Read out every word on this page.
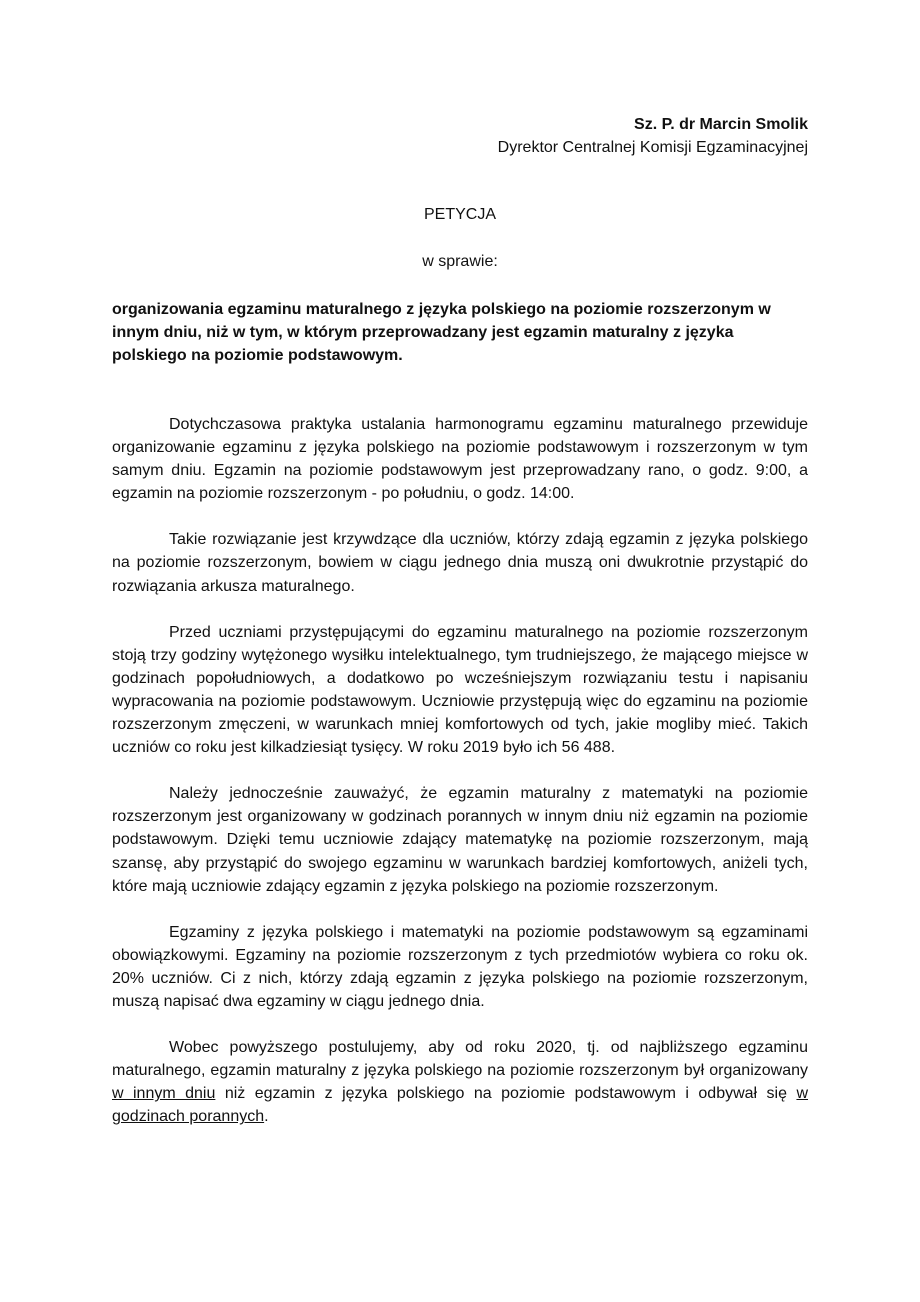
Sz. P. dr Marcin Smolik
Dyrektor Centralnej Komisji Egzaminacyjnej
PETYCJA
w sprawie:
organizowania egzaminu maturalnego z języka polskiego na poziomie rozszerzonym w innym dniu, niż w tym, w którym przeprowadzany jest egzamin maturalny z języka polskiego na poziomie podstawowym.

Dotychczasowa praktyka ustalania harmonogramu egzaminu maturalnego przewiduje organizowanie egzaminu z języka polskiego na poziomie podstawowym i rozszerzonym w tym samym dniu. Egzamin na poziomie podstawowym jest przeprowadzany rano, o godz. 9:00, a egzamin na poziomie rozszerzonym - po południu, o godz. 14:00.

Takie rozwiązanie jest krzywdzące dla uczniów, którzy zdają egzamin z języka polskiego na poziomie rozszerzonym, bowiem w ciągu jednego dnia muszą oni dwukrotnie przystąpić do rozwiązania arkusza maturalnego.

Przed uczniami przystępującymi do egzaminu maturalnego na poziomie rozszerzonym stoją trzy godziny wytężonego wysiłku intelektualnego, tym trudniejszego, że mającego miejsce w godzinach popołudniowych, a dodatkowo po wcześniejszym rozwiązaniu testu i napisaniu wypracowania na poziomie podstawowym. Uczniowie przystępują więc do egzaminu na poziomie rozszerzonym zmęczeni, w warunkach mniej komfortowych od tych, jakie mogliby mieć. Takich uczniów co roku jest kilkadziesiąt tysięcy. W roku 2019 było ich 56 488.

Należy jednocześnie zauważyć, że egzamin maturalny z matematyki na poziomie rozszerzonym jest organizowany w godzinach porannych w innym dniu niż egzamin na poziomie podstawowym. Dzięki temu uczniowie zdający matematykę na poziomie rozszerzonym, mają szansę, aby przystąpić do swojego egzaminu w warunkach bardziej komfortowych, aniżeli tych, które mają uczniowie zdający egzamin z języka polskiego na poziomie rozszerzonym.

Egzaminy z języka polskiego i matematyki na poziomie podstawowym są egzaminami obowiązkowymi. Egzaminy na poziomie rozszerzonym z tych przedmiotów wybiera co roku ok. 20% uczniów. Ci z nich, którzy zdają egzamin z języka polskiego na poziomie rozszerzonym, muszą napisać dwa egzaminy w ciągu jednego dnia.

Wobec powyższego postulujemy, aby od roku 2020, tj. od najbliższego egzaminu maturalnego, egzamin maturalny z języka polskiego na poziomie rozszerzonym był organizowany w innym dniu niż egzamin z języka polskiego na poziomie podstawowym i odbywał się w godzinach porannych.
